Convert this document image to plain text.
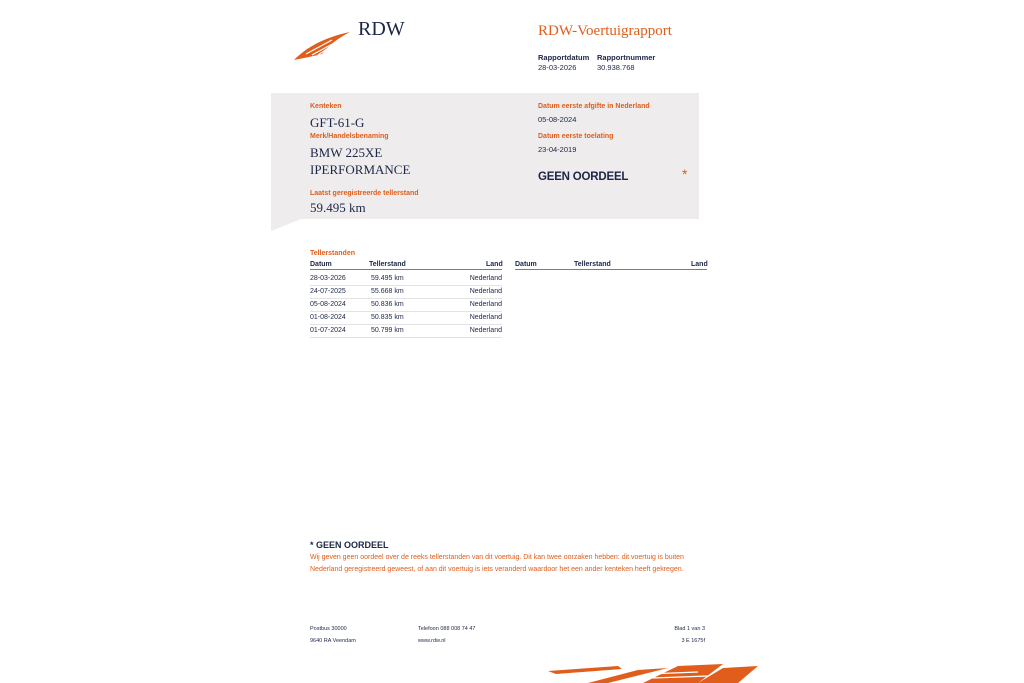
RDW	RDW-Voertuigrapport
Rapportdatum
28-03-2026
Rapportnummer
30.938.768
Kenteken
GFT-61-G
Merk/Handelsbenaming
BMW 225XE
IPERFORMANCE
Laatst geregistreerde tellerstand
59.495 km
Datum eerste afgifte in Nederland
05-08-2024
Datum eerste toelating
23-04-2019
GEEN OORDEEL	*
Tellerstanden
Datum	Tellerstand	Land Datum	Tellerstand	Land
28-03-2026	59.495 km	Nederland
24-07-2025	55.668 km	Nederland
05-08-2024	50.836 km	Nederland
01-08-2024	50.835 km	Nederland
01-07-2024	50.799 km	Nederland
* GEEN OORDEEL
Wij geven geen oordeel over de reeks tellerstanden van dit voertuig. Dit kan twee oorzaken hebben: dit voertuig is buiten Nederland geregistreerd geweest, of aan dit voertuig is iets veranderd waardoor het een ander kenteken heeft gekregen.
Postbus 30000
9640 RA Veendam
Telefoon 088 008 74 47
www.rdw.nl
Blad 1 van 3
3 E 1675f
